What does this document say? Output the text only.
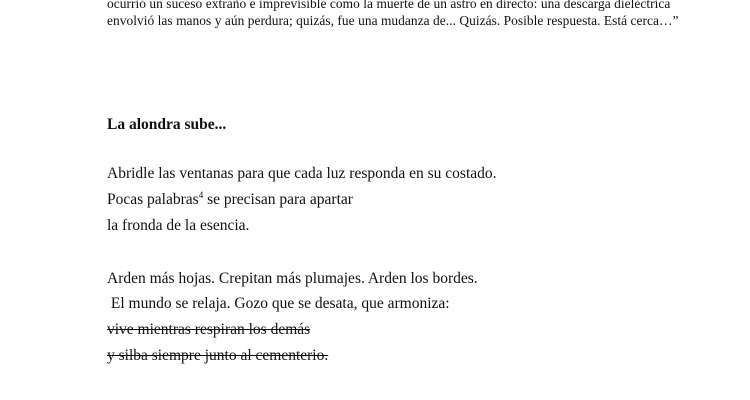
ocurrió un suceso extraño e imprevisible como la muerte de un astro en directo: una descarga dieléctrica
envolvió las manos y aún perdura; quizás, fue una mudanza de... Quizás. Posible respuesta. Está cerca…”
La alondra sube...
Abridle las ventanas para que cada luz responda en su costado.
Pocas palabras$^4$ se precisan para apartar
la fronda de la esencia.
Arden más hojas. Crepitan más plumajes. Arden los bordes.
El mundo se relaja. Gozo que se desata, que armoniza:
vive mientras respiran los demás
y silba siempre junto al cementerio.
